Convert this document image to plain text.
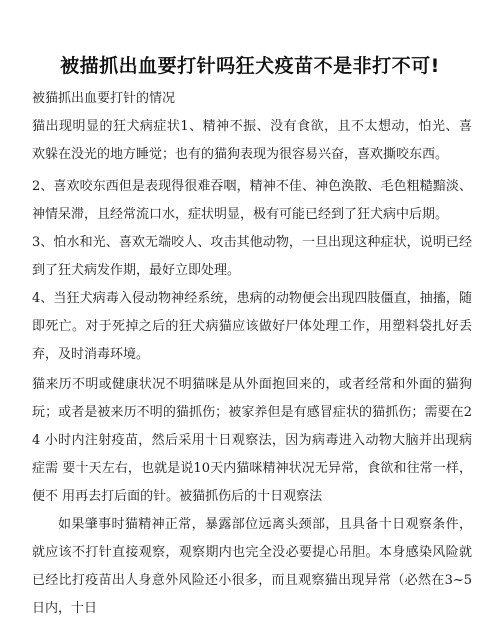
被描抓出血要打针吗狂犬疫苗不是非打不可!
被猫抓出血要打针的情况
猫出现明显的狂犬病症状1、精神不振、没有食欲，且不太想动，怕光、喜 欢躲在没光的地方睡觉；也有的猫狗表现为很容易兴奋，喜欢撕咬东西。
2、喜欢咬东西但是表现得很难吞咽，精神不佳、神色涣散、毛色粗糙黯淡、 神情呆滞，且经常流口水，症状明显，极有可能已经到了狂犬病中后期。
3、怕水和光、喜欢无端咬人、攻击其他动物，一旦出现这种症状，说明已经 到了狂犬病发作期，最好立即处理。
4、当狂犬病毒入侵动物神经系统，患病的动物便会出现四肢僵直，抽搐，随 即死亡。对于死掉之后的狂犬病猫应该做好尸体处理工作，用塑料袋扎好丢弃，及时消毒环境。
猫来历不明或健康状况不明猫咪是从外面抱回来的，或者经常和外面的猫狗 玩；或者是被来历不明的猫抓伤；被家养但是有感冒症状的猫抓伤；需要在24 小时内注射疫苗，然后采用十日观察法，因为病毒进入动物大脑并出现病症需 要十天左右，也就是说10天内猫咪精神状况无异常，食欲和往常一样，便不 用再去打后面的针。被猫抓伤后的十日观察法
如果肇事时猫精神正常，暴露部位远离头颈部，且具备十日观察条件，就应该不打针直接观察，观察期内也完全没必要提心吊胆。本身感染风险就已经比打疫苗出人身意外风险还小很多，而且观察猫出现异常（必然在3~5日内，十日
